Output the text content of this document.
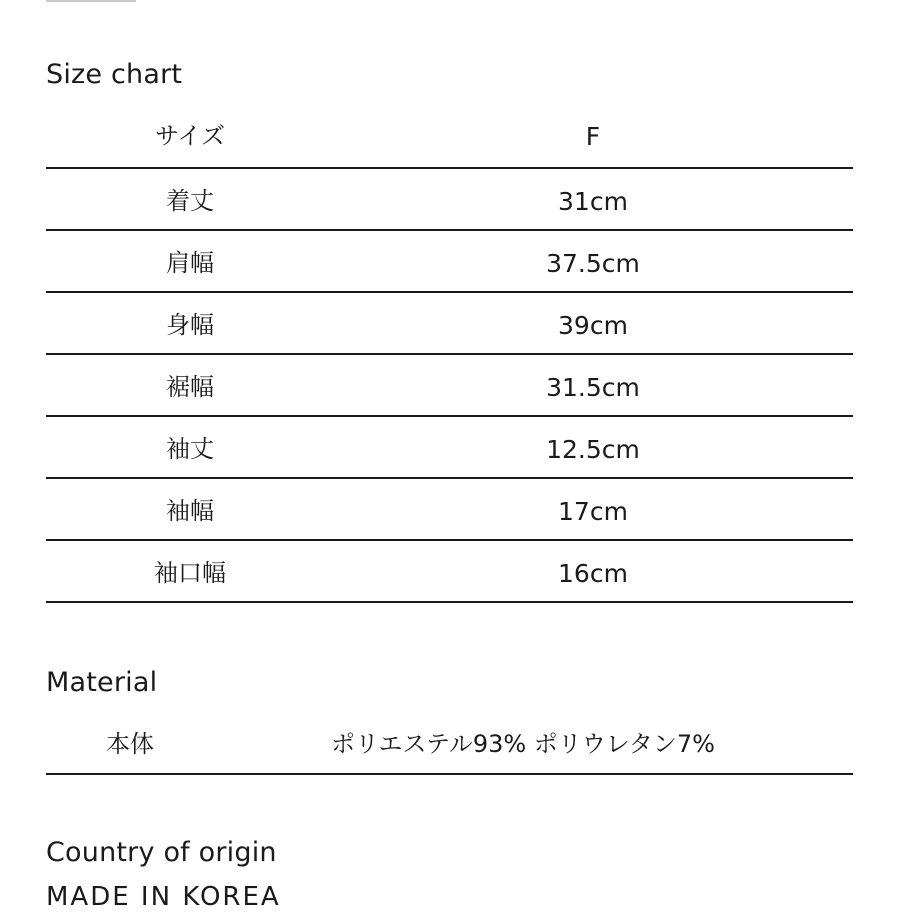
Size chart
サイズ	F
着丈	31cm
肩幅	37.5cm
身幅	39cm
裾幅	31.5cm
袖丈	12.5cm
袖幅	17cm
袖口幅	16cm
Material
本体	ポリエステル93% ポリウレタン7%
Country of origin
MADE IN KOREA
